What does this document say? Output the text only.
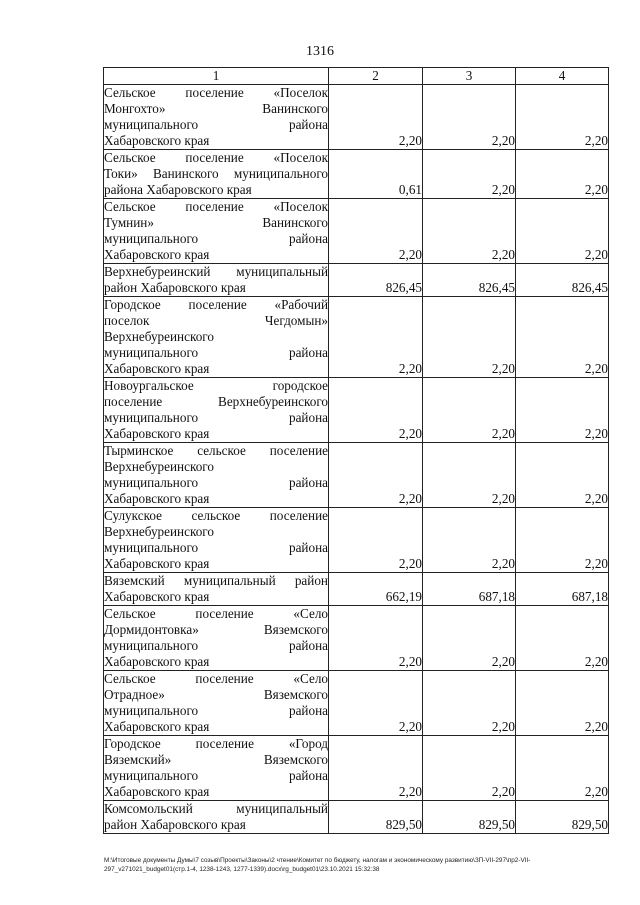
1316
1	2	3	4

Сельское поселение «Поселок
Монгохто» Ванинского
муниципального района
Хабаровского края	2,20	2,20	2,20

Сельское поселение «Поселок
Токи» Ванинского муниципального
района Хабаровского края	0,61	2,20	2,20

Сельское поселение «Поселок
Тумнин» Ванинского
муниципального района
Хабаровского края	2,20	2,20	2,20

Верхнебуреинский муниципальный
район Хабаровского края	826,45	826,45	826,45

Городское поселение «Рабочий
поселок Чегдомын»
Верхнебуреинского
муниципального района
Хабаровского края	2,20	2,20	2,20

Новоургальское городское
поселение Верхнебуреинского
муниципального района
Хабаровского края	2,20	2,20	2,20

Тырминское сельское поселение
Верхнебуреинского
муниципального района
Хабаровского края	2,20	2,20	2,20

Сулукское сельское поселение
Верхнебуреинского
муниципального района
Хабаровского края	2,20	2,20	2,20

Вяземский муниципальный район
Хабаровского края	662,19	687,18	687,18

Сельское поселение «Село
Дормидонтовка» Вяземского
муниципального района
Хабаровского края	2,20	2,20	2,20

Сельское поселение «Село
Отрадное» Вяземского
муниципального района
Хабаровского края	2,20	2,20	2,20

Городское поселение «Город
Вяземский» Вяземского
муниципального района
Хабаровского края	2,20	2,20	2,20

Комсомольский муниципальный
район Хабаровского края	829,50	829,50	829,50
М:\Итоговые документы Думы\7 созыв\Проекты\Законы\2 чтение\Комитет по бюджету, налогам и экономическому развитию\ЗП-VII-297\пр2-VII-
297_v271021_budget01(стр.1-4, 1238-1243, 1277-1339).docx\rg_budget01\23.10.2021 15:32:38
